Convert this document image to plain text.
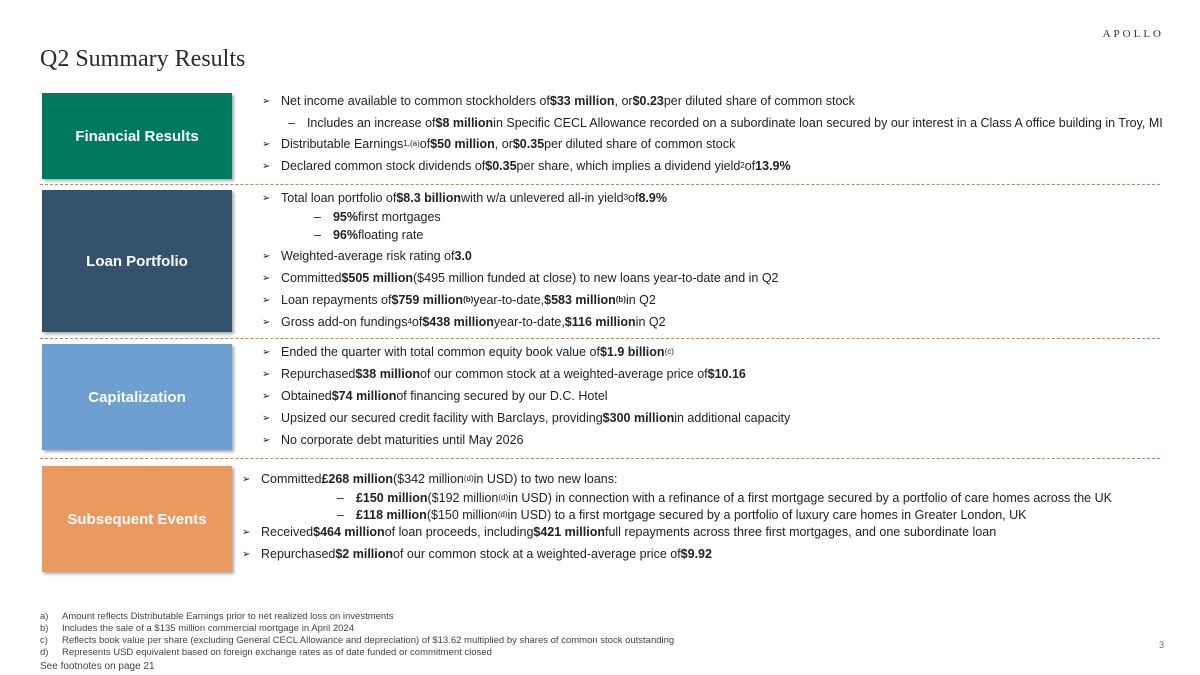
APOLLO
Q2 Summary Results
Financial Results
➢ Net income available to common stockholders of $33 million , or $0.23 per diluted share of common stock
– Includes an increase of $8 million in Specific CECL Allowance recorded on a subordinate loan secured by our interest in a Class A office building in Troy, MI
➢ Distributable Earnings 1,(a) of $50 million , or $0.35 per diluted share of common stock
➢ Declared common stock dividends of $0.35 per share, which implies a dividend yield 2 of 13.9%
Loan Portfolio
➢ Total loan portfolio of $8.3 billion with w/a unlevered all-in yield 3 of 8.9%
– 95% first mortgages
– 96% floating rate
➢ Weighted-average risk rating of 3.0
➢ Committed $505 million ($495 million funded at close) to new loans year-to-date and in Q2
➢ Loan repayments of $759 million (b) year-to-date, $583 million (b) in Q2
➢ Gross add-on fundings 4 of $438 million year-to-date, $116 million in Q2
Capitalization
➢ Ended the quarter with total common equity book value of $1.9 billion (c)
➢ Repurchased $38 million of our common stock at a weighted-average price of $10.16
➢ Obtained $74 million of financing secured by our D.C. Hotel
➢ Upsized our secured credit facility with Barclays, providing $300 million in additional capacity
➢ No corporate debt maturities until May 2026
Subsequent Events
➢ Committed £268 million ($342 million (d) in USD) to two new loans:
– £150 million ($192 million (d) in USD) in connection with a refinance of a first mortgage secured by a portfolio of care homes across the UK
– £118 million ($150 million (d) in USD) to a first mortgage secured by a portfolio of luxury care homes in Greater London, UK
➢ Received $464 million of loan proceeds, including $421 million full repayments across three first mortgages, and one subordinate loan
➢ Repurchased $2 million of our common stock at a weighted-average price of $9.92
a)	Amount reflects Distributable Earnings prior to net realized loss on investments
b)	Includes the sale of a $135 million commercial mortgage in April 2024
c)	Reflects book value per share (excluding General CECL Allowance and depreciation) of $13.62 multiplied by shares of common stock outstanding
d)	Represents USD equivalent based on foreign exchange rates as of date funded or commitment closed
See footnotes on page 21
3
